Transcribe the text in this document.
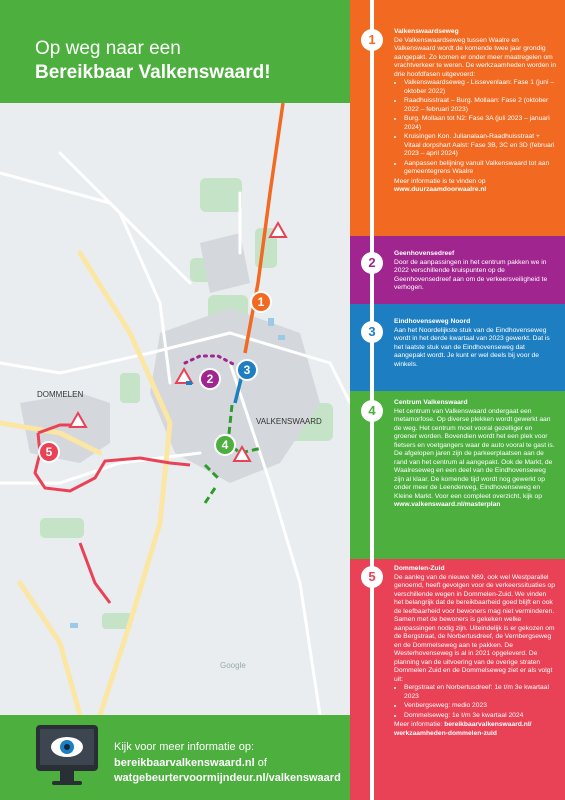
Op weg naar een
Bereikbaar Valkenswaard!
1
2
3
4
5
DOMMELEN
VALKENSWAARD
Google
Kijk voor meer informatie op:
bereikbaarvalkenswaard.nl of
watgebeurtervoormijndeur.nl/valkenswaard
1
Valkenswaardseweg
De Valkenswaardseweg tussen Waalre en Valkenswaard wordt de komende twee jaar grondig aangepakt. Zo komen er onder meer maatregelen om vrachtverkeer te weren. De werkzaamheden worden in drie hoofdfasen uitgevoerd:
• Valkenswaardseweg - Lissevenlaan: Fase 1 (juni – oktober 2022)
• Raadhuisstraat – Burg. Mollaan: Fase 2 (oktober 2022 – februari 2023)
• Burg. Mollaan tot N2: Fase 3A (juli 2023 – januari 2024)
• Kruisingen Kon. Julianalaan-Raadhuisstraat + Vitaal dorpshart Aalst: Fase 3B, 3C en 3D (februari 2023 – april 2024)
• Aanpassen belijning vanuit Valkenswaard tot aan gemeentegrens Waalre
Meer informatie is te vinden op
www.duurzaamdoorwaalre.nl
2
Geenhovensedreef
Door de aanpassingen in het centrum pakken we in 2022 verschillende kruispunten op de Geenhovensedreef aan om de verkeersveiligheid te verhogen.
3
Eindhovenseweg Noord
Aan het Noordelijkste stuk van de Eindhovenseweg wordt in het derde kwartaal van 2023 gewerkt. Dat is het laatste stuk van de Eindhovenseweg dat aangepakt wordt. Je kunt er wel deels bij voor de winkels.
4
Centrum Valkenswaard
Het centrum van Valkenswaard ondergaat een metamorfose. Op diverse plekken wordt gewerkt aan de weg. Het centrum moet vooral gezelliger en groener worden. Bovendien wordt het een plek voor fietsers en voetgangers waar de auto vooral te gast is. De afgelopen jaren zijn de parkeerplaatsen aan de rand van het centrum al aangepakt. Ook de Markt, de Waalreseweg en een deel van de Eindhovenseweg zijn al klaar. De komende tijd wordt nog gewerkt op onder meer de Leenderweg, Eindhovenseweg en Kleine Markt. Voor een compleet overzicht, kijk op
www.valkenswaard.nl/masterplan
5
Dommelen-Zuid
De aanleg van de nieuwe N69, ook wel Westparallel genoemd, heeft gevolgen voor de verkeerssituaties op verschillende wegen in Dommelen-Zuid. We vinden het belangrijk dat de bereikbaarheid goed blijft en ook de leefbaarheid voor bewoners mag niet verminderen. Samen met de bewoners is gekeken welke aanpassingen nodig zijn. Uiteindelijk is er gekozen om de Bergstraat, de Norbertusdreef, de Vernbergseweg en de Dommelseweg aan te pakken. De Westerhovenseweg is al in 2021 opgeleverd. De planning van de uitvoering van de overige straten Dommelen Zuid en de Dommelseweg ziet er als volgt uit:
• Bergstraat en Norbertusdreef: 1e t/m 3e kwartaal 2023
• Venbergseweg: medio 2023
• Dommelseweg: 1e t/m 3e kwartaal 2024
Meer informatie: bereikbaarvalkenswaard.nl/ werkzaamheden-dommelen-zuid
